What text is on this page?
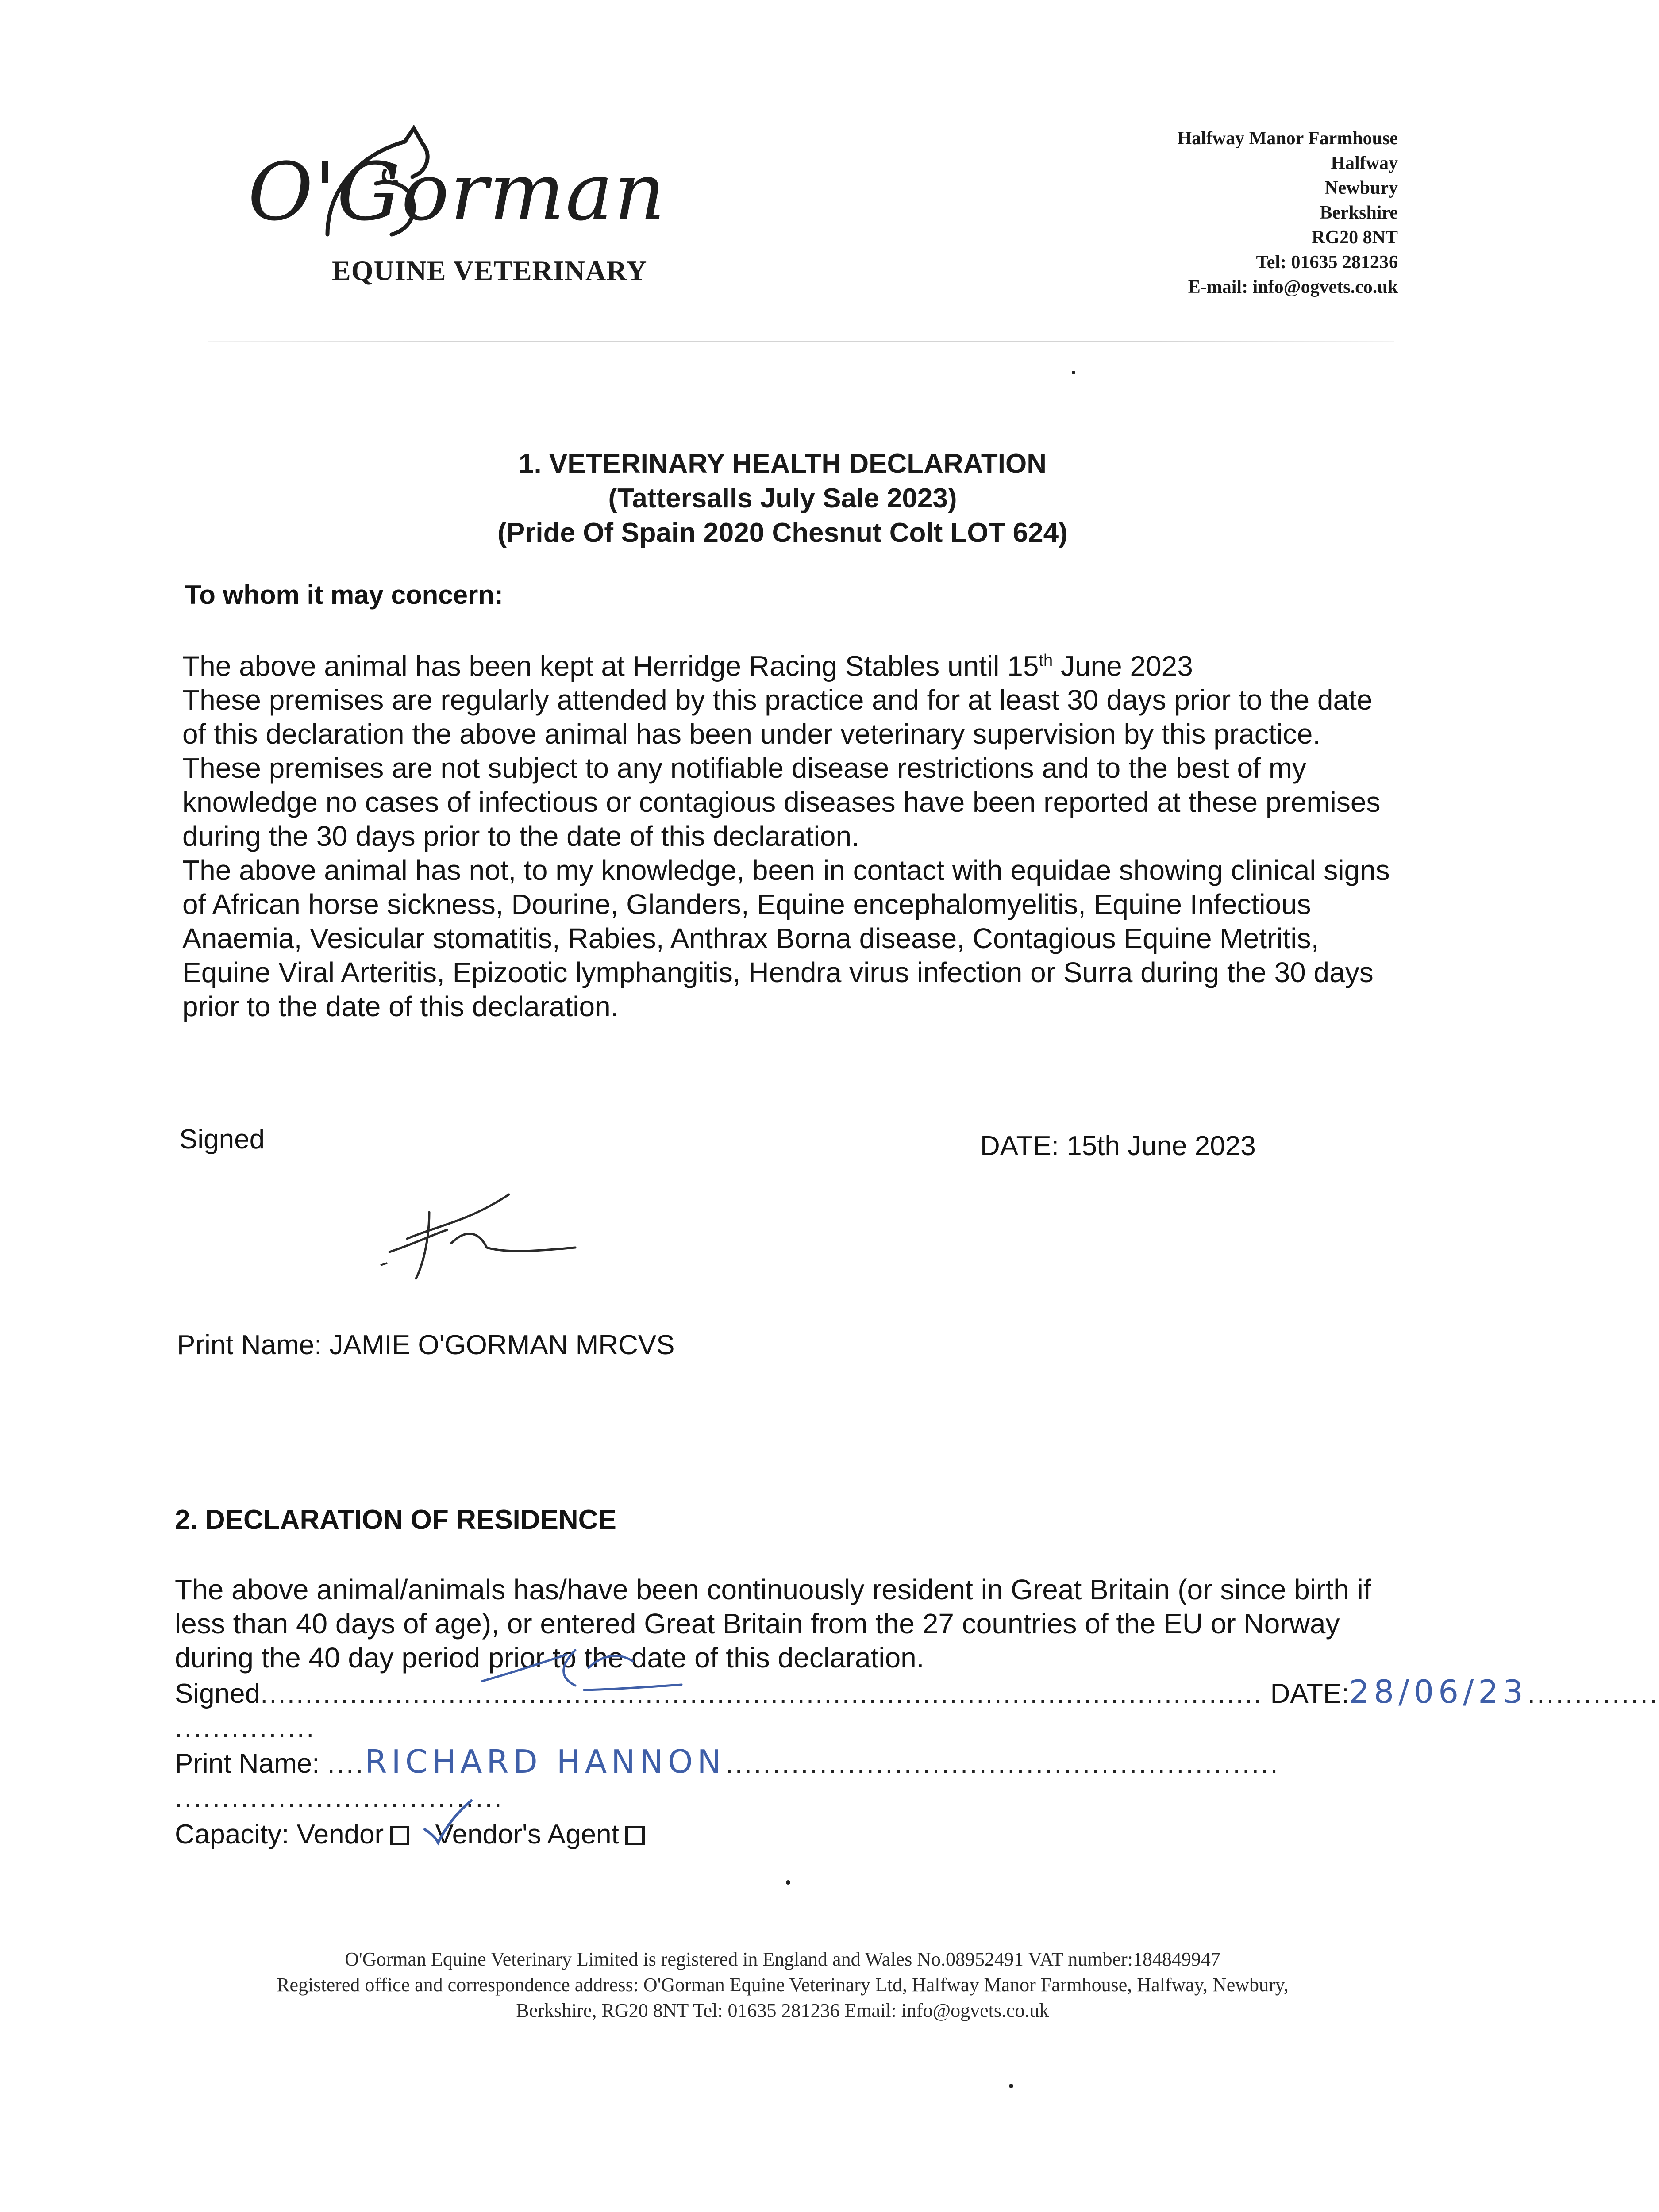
O'Gorman
EQUINE VETERINARY
Halfway Manor Farmhouse
Halfway
Newbury
Berkshire
RG20 8NT
Tel: 01635 281236
E-mail: info@ogvets.co.uk
1. VETERINARY HEALTH DECLARATION
(Tattersalls July Sale 2023)
(Pride Of Spain 2020 Chesnut Colt LOT 624)
To whom it may concern:

The above animal has been kept at Herridge Racing Stables until 15th June 2023
These premises are regularly attended by this practice and for at least 30 days prior to the date of this declaration the above animal has been under veterinary supervision by this practice.

These premises are not subject to any notifiable disease restrictions and to the best of my knowledge no cases of infectious or contagious diseases have been reported at these premises during the 30 days prior to the date of this declaration.

The above animal has not, to my knowledge, been in contact with equidae showing clinical signs of African horse sickness, Dourine, Glanders, Equine encephalomyelitis, Equine Infectious Anaemia, Vesicular stomatitis, Rabies, Anthrax Borna disease, Contagious Equine Metritis, Equine Viral Arteritis, Epizootic lymphangitis, Hendra virus infection or Surra during the 30 days prior to the date of this declaration.

Signed	DATE: 15th June 2023
Print Name: JAMIE O'GORMAN MRCVS
2. DECLARATION OF RESIDENCE

The above animal/animals has/have been continuously resident in Great Britain (or since birth if less than 40 days of age), or entered Great Britain from the 27 countries of the EU or Norway during the 40 day period prior to the date of this declaration.

Signed................................................................................................................ DATE:28/06/23..............
...............
Print Name: ....RICHARD HANNON...........................................................
...................................
Capacity: Vendor Vendor's Agent
O'Gorman Equine Veterinary Limited is registered in England and Wales No.08952491 VAT number:184849947
Registered office and correspondence address: O'Gorman Equine Veterinary Ltd, Halfway Manor Farmhouse, Halfway, Newbury,
Berkshire, RG20 8NT Tel: 01635 281236 Email: info@ogvets.co.uk
